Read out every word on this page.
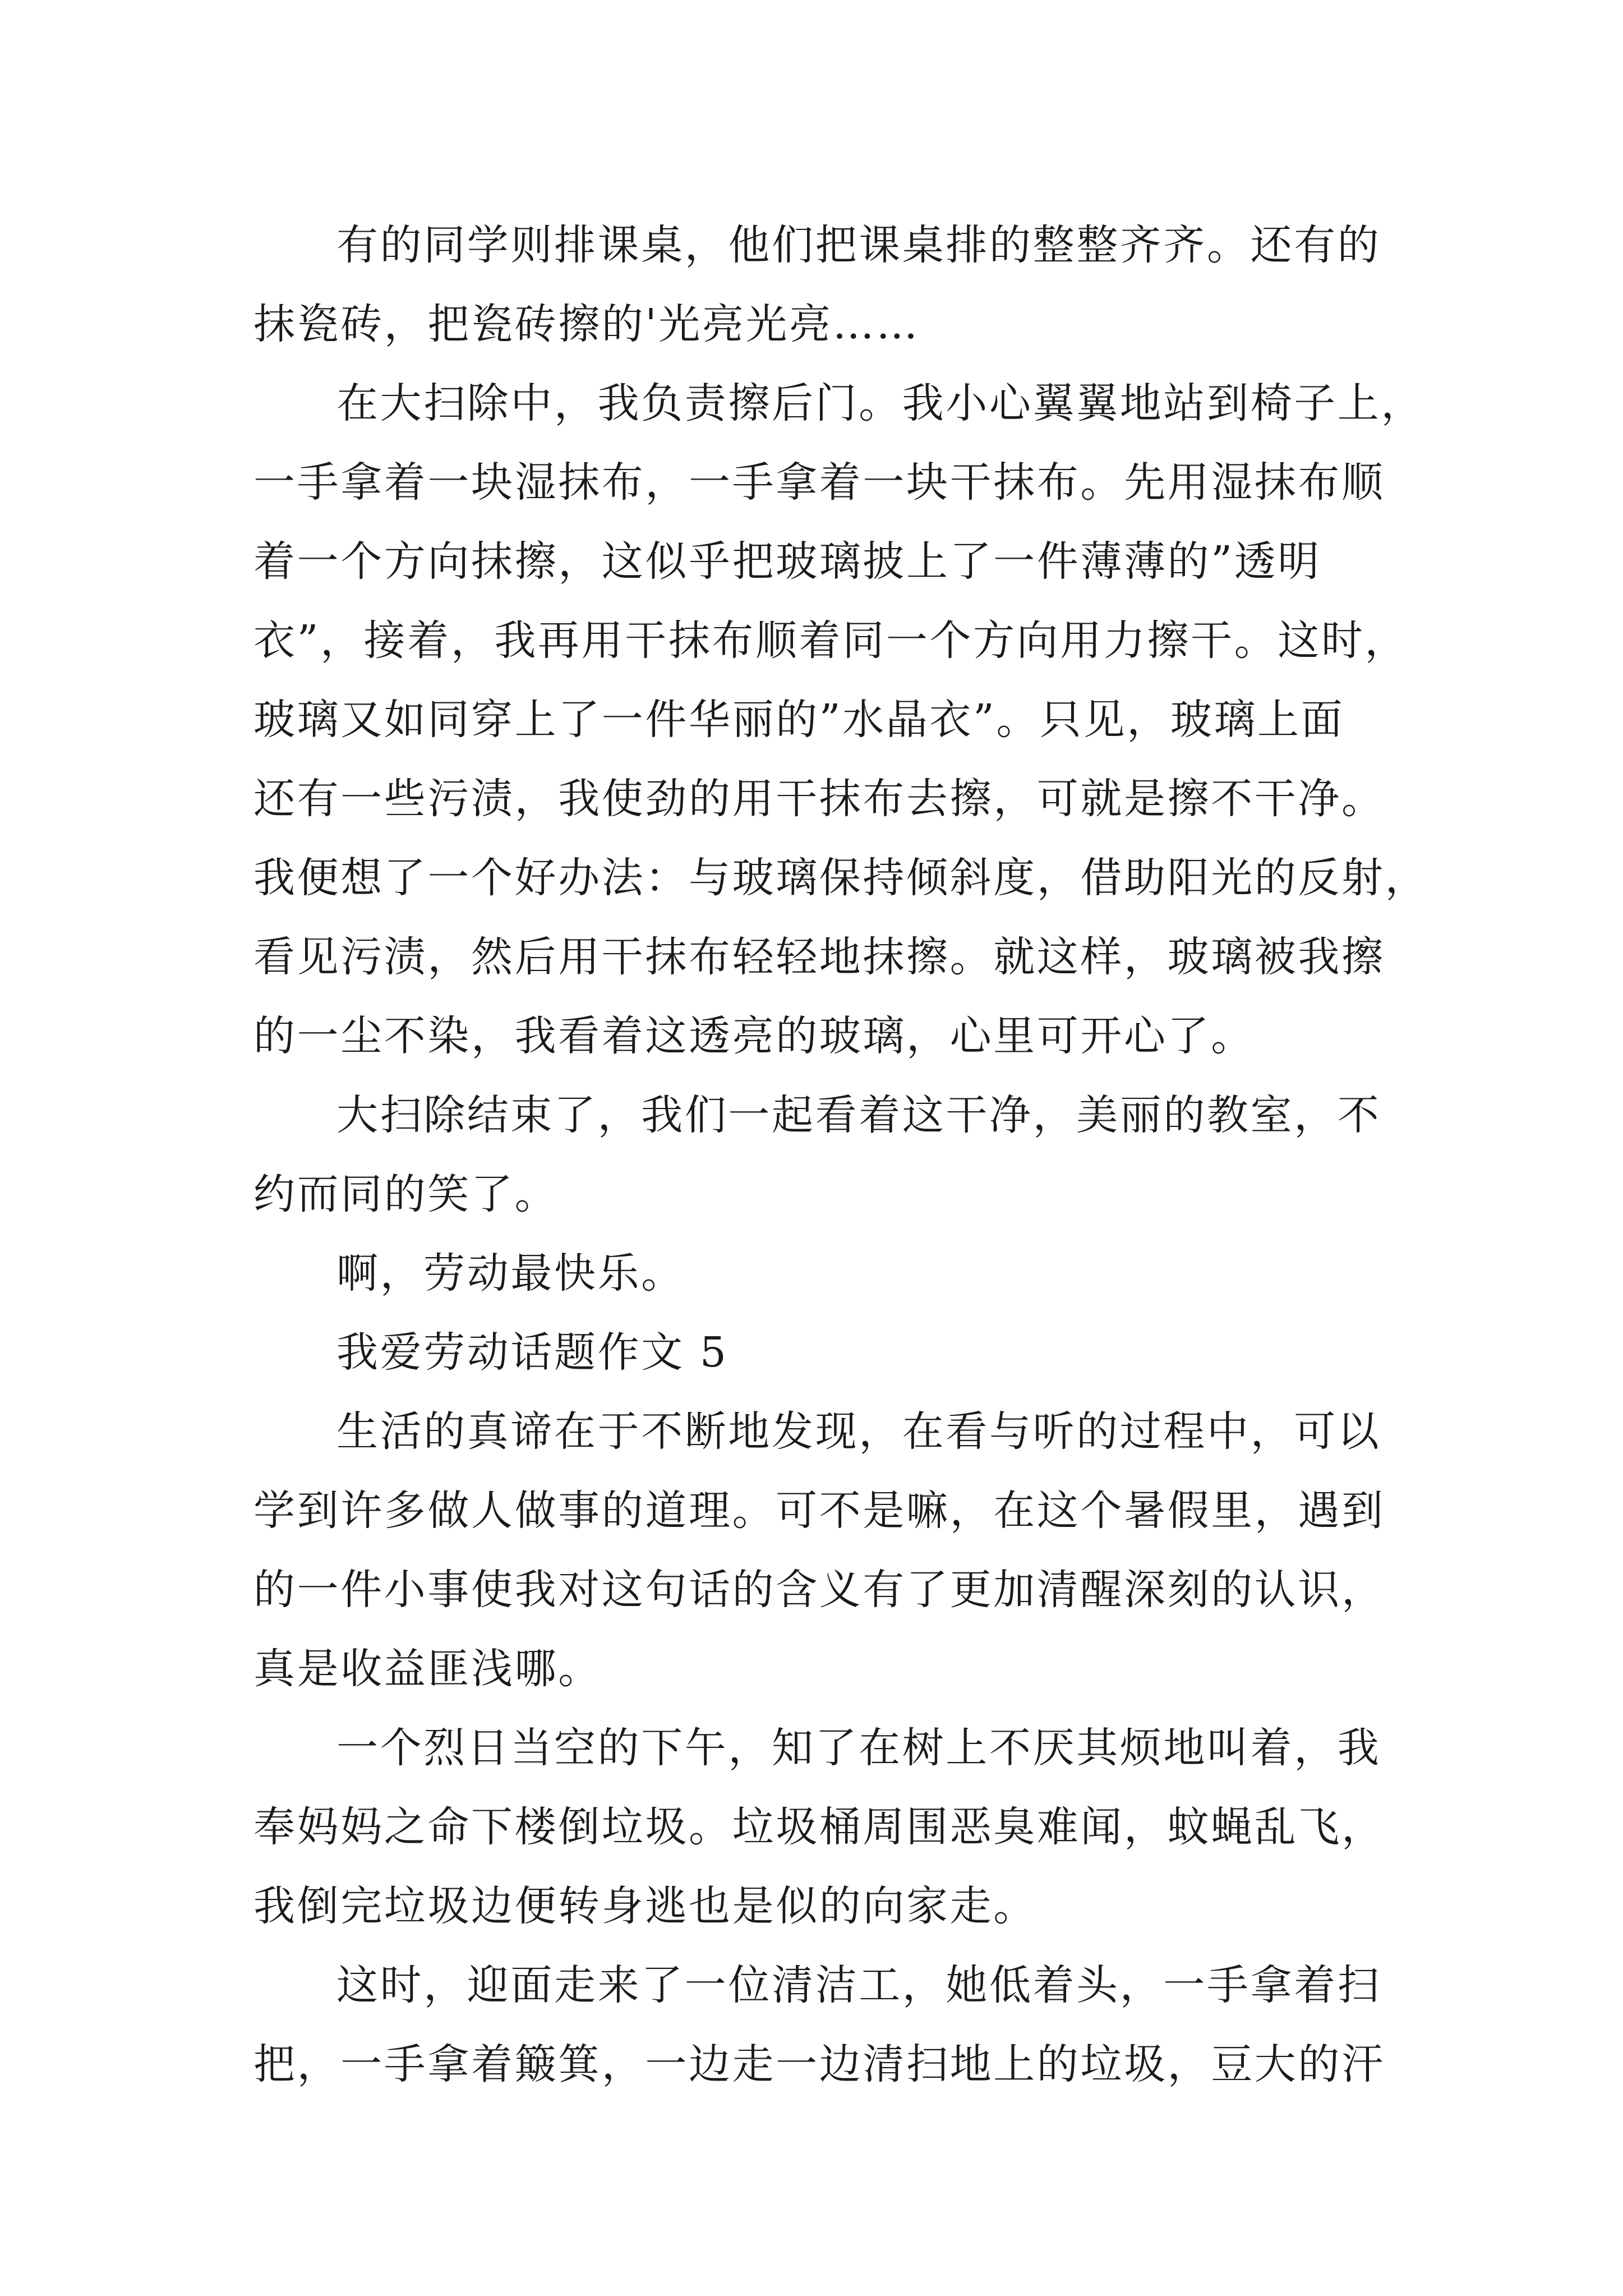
有的同学则排课桌，他们把课桌排的整整齐齐。还有的
抹瓷砖，把瓷砖擦的'光亮光亮……
在大扫除中，我负责擦后门。我小心翼翼地站到椅子上，
一手拿着一块湿抹布，一手拿着一块干抹布。先用湿抹布顺
着一个方向抹擦，这似乎把玻璃披上了一件薄薄的”透明
衣”，接着，我再用干抹布顺着同一个方向用力擦干。这时，
玻璃又如同穿上了一件华丽的”水晶衣”。只见，玻璃上面
还有一些污渍，我使劲的用干抹布去擦，可就是擦不干净。
我便想了一个好办法：与玻璃保持倾斜度，借助阳光的反射，
看见污渍，然后用干抹布轻轻地抹擦。就这样，玻璃被我擦
的一尘不染，我看着这透亮的玻璃，心里可开心了。
大扫除结束了，我们一起看着这干净，美丽的教室，不
约而同的笑了。
啊，劳动最快乐。
我爱劳动话题作文 5
生活的真谛在于不断地发现，在看与听的过程中，可以
学到许多做人做事的道理。可不是嘛，在这个暑假里，遇到
的一件小事使我对这句话的含义有了更加清醒深刻的认识，
真是收益匪浅哪。
一个烈日当空的下午，知了在树上不厌其烦地叫着，我
奉妈妈之命下楼倒垃圾。垃圾桶周围恶臭难闻，蚊蝇乱飞，
我倒完垃圾边便转身逃也是似的向家走。
这时，迎面走来了一位清洁工，她低着头，一手拿着扫
把，一手拿着簸箕，一边走一边清扫地上的垃圾，豆大的汗
